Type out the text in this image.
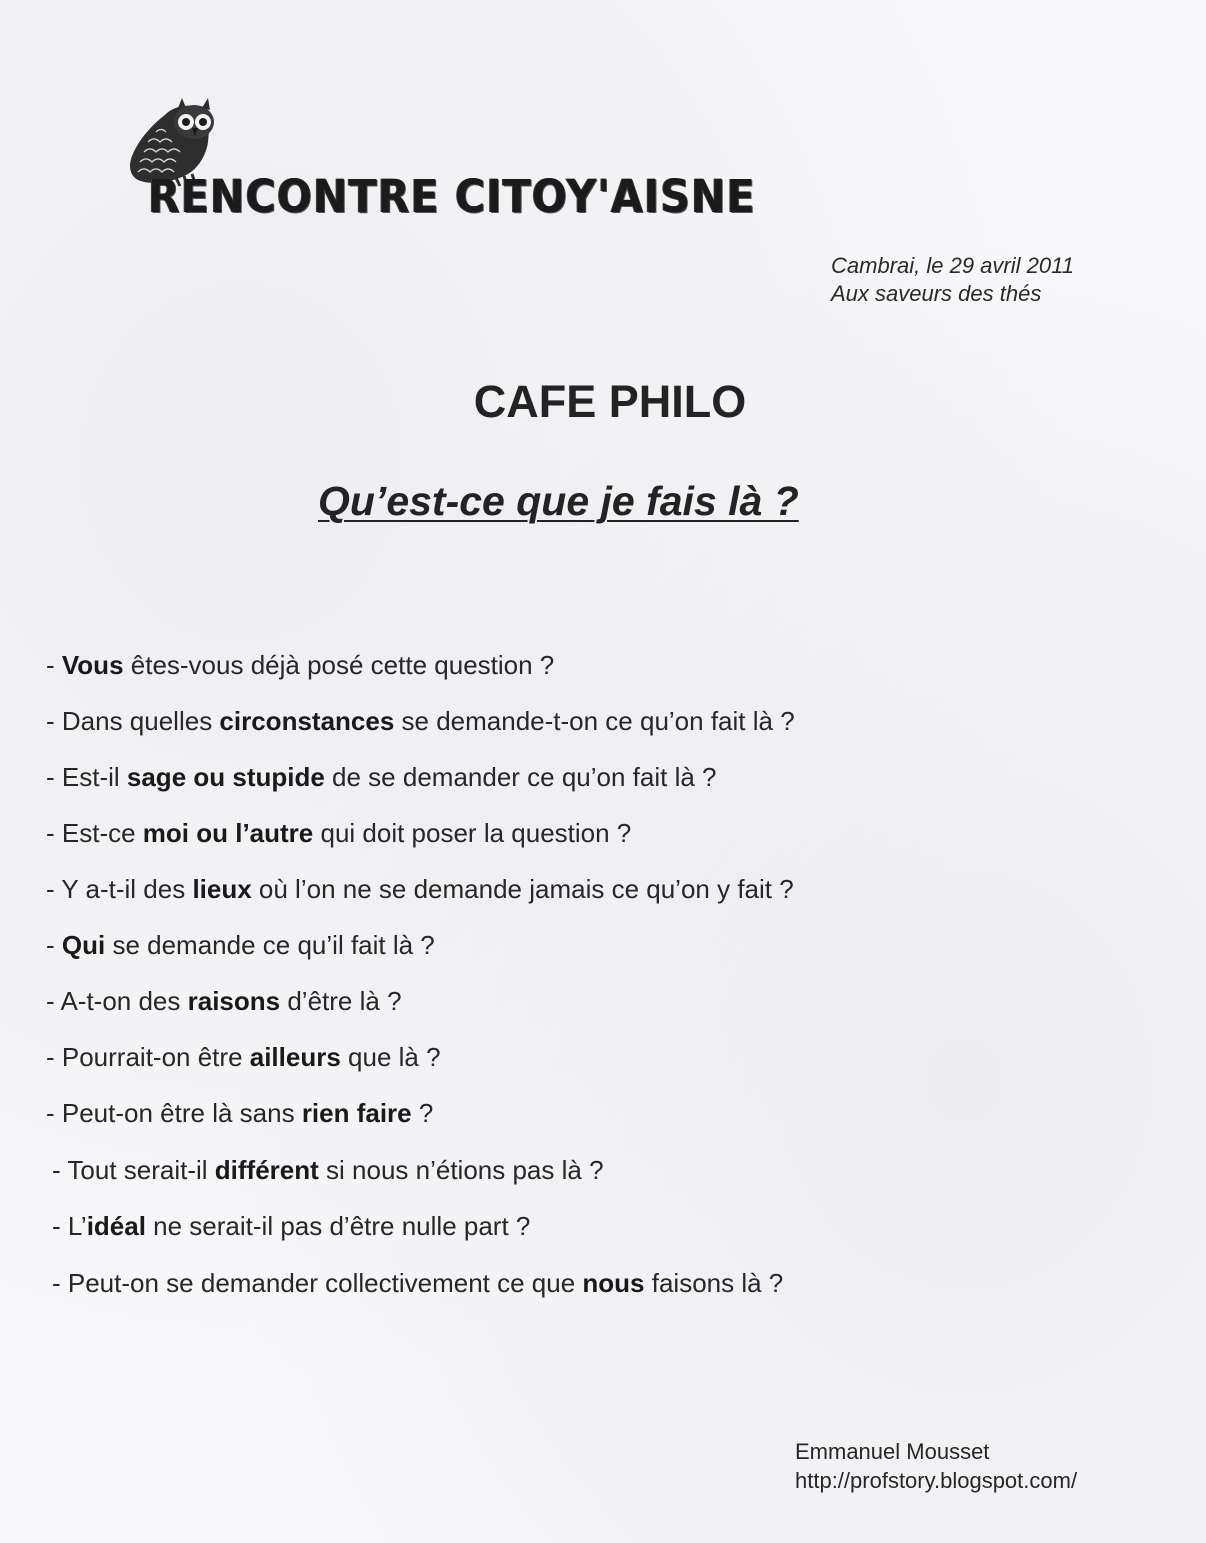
RENCONTRE CITOY'AISNE
Cambrai, le 29 avril 2011
Aux saveurs des thés
CAFE PHILO
Qu’est-ce que je fais là ?
- Vous êtes-vous déjà posé cette question ?
- Dans quelles circonstances se demande-t-on ce qu’on fait là ?
- Est-il sage ou stupide de se demander ce qu’on fait là ?
- Est-ce moi ou l’autre qui doit poser la question ?
- Y a-t-il des lieux où l’on ne se demande jamais ce qu’on y fait ?
- Qui se demande ce qu’il fait là ?
- A-t-on des raisons d’être là ?
- Pourrait-on être ailleurs que là ?
- Peut-on être là sans rien faire ?
- Tout serait-il différent si nous n’étions pas là ?
- L’idéal ne serait-il pas d’être nulle part ?
- Peut-on se demander collectivement ce que nous faisons là ?
Emmanuel Mousset
http://profstory.blogspot.com/
